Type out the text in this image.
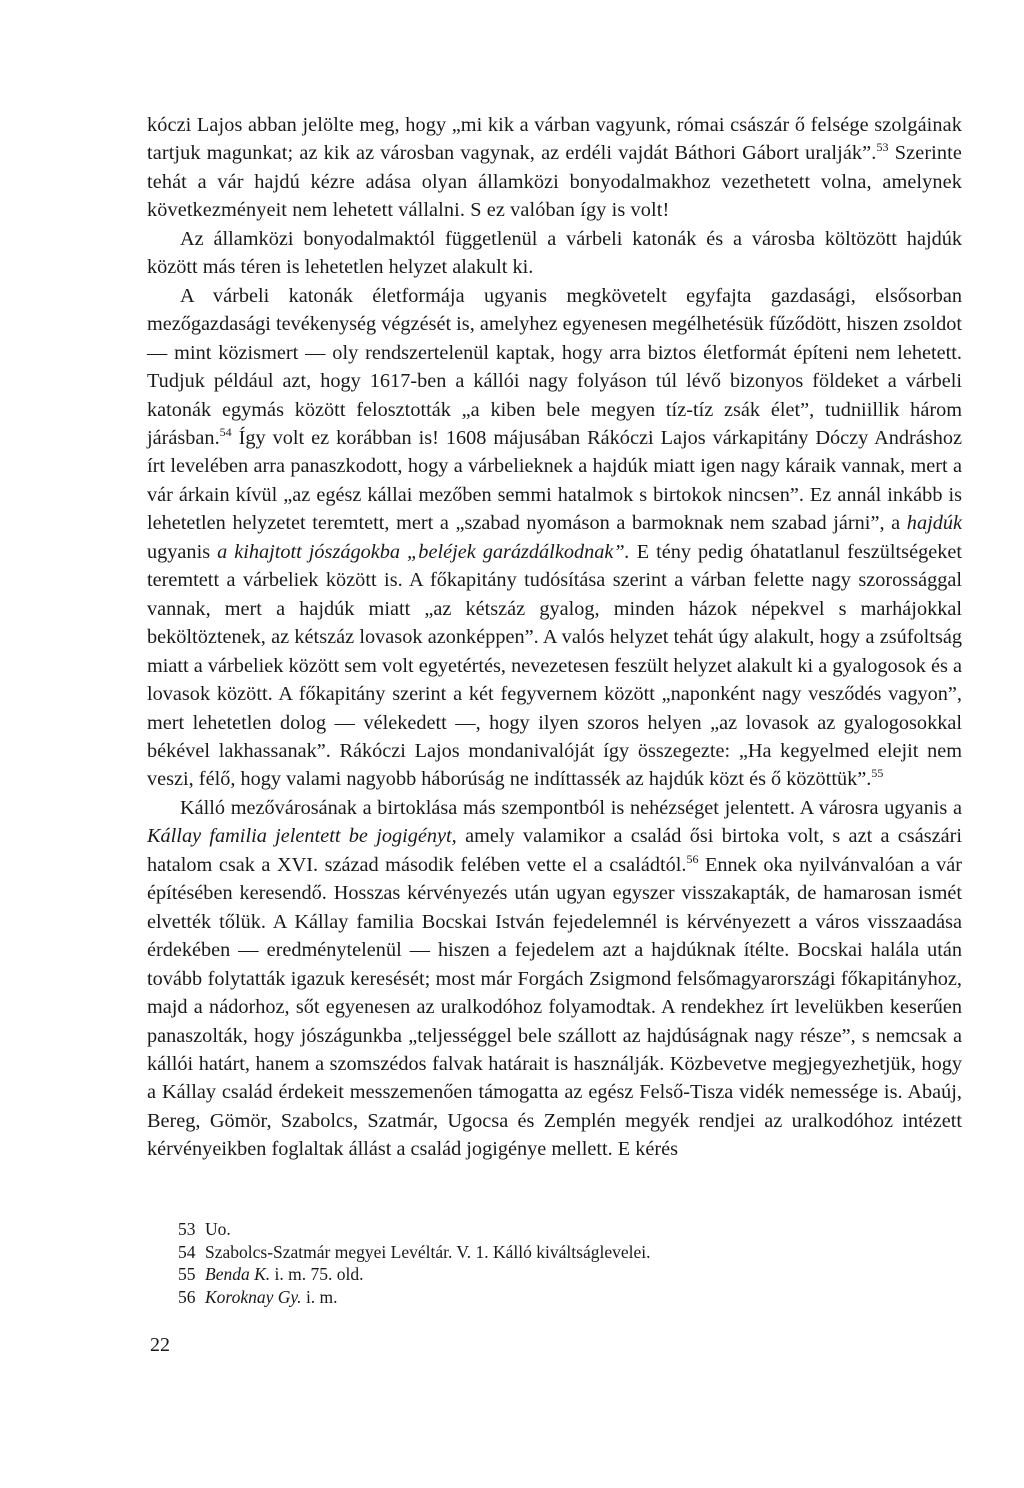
kóczi Lajos abban jelölte meg, hogy „mi kik a várban vagyunk, római császár ő felsége szolgáinak tartjuk magunkat; az kik az városban vagynak, az erdéli vajdát Báthori Gábort uralják”.$^{53}$ Szerinte tehát a vár hajdú kézre adása olyan államközi bonyodalmakhoz vezethetett volna, amelynek következményeit nem lehetett vállalni. S ez valóban így is volt!

Az államközi bonyodalmaktól függetlenül a várbeli katonák és a városba költözött hajdúk között más téren is lehetetlen helyzet alakult ki.

A várbeli katonák életformája ugyanis megkövetelt egyfajta gazdasági, elsősorban mezőgazdasági tevékenység végzését is, amelyhez egyenesen megélhetésük fűződött, hiszen zsoldot — mint közismert — oly rendszertelenül kaptak, hogy arra biztos életformát építeni nem lehetett. Tudjuk például azt, hogy 1617-ben a kállói nagy folyáson túl lévő bizonyos földeket a várbeli katonák egymás között felosztották „a kiben bele megyen tíz-tíz zsák élet”, tudniillik három járásban.$^{54}$ Így volt ez korábban is! 1608 májusában Rákóczi Lajos várkapitány Dóczy Andráshoz írt levelében arra panaszkodott, hogy a várbelieknek a hajdúk miatt igen nagy káraik vannak, mert a vár árkain kívül „az egész kállai mezőben semmi hatalmok s birtokok nincsen”. Ez annál inkább is lehetetlen helyzetet teremtett, mert a „szabad nyomáson a barmoknak nem szabad járni”, a hajdúk ugyanis a kihajtott jószágokba „beléjek garázdálkodnak”. E tény pedig óhatatlanul feszültségeket teremtett a várbeliek között is. A főkapitány tudósítása szerint a várban felette nagy szorossággal vannak, mert a hajdúk miatt „az kétszáz gyalog, minden házok népekvel s marhájokkal beköltöztenek, az kétszáz lovasok azonképpen”. A valós helyzet tehát úgy alakult, hogy a zsúfoltság miatt a várbeliek között sem volt egyetértés, nevezetesen feszült helyzet alakult ki a gyalogosok és a lovasok között. A főkapitány szerint a két fegyvernem között „naponként nagy vesződés vagyon”, mert lehetetlen dolog — vélekedett —, hogy ilyen szoros helyen „az lovasok az gyalogosokkal békével lakhassanak”. Rákóczi Lajos mondanivalóját így összegezte: „Ha kegyelmed elejit nem veszi, félő, hogy valami nagyobb háborúság ne indíttassék az hajdúk közt és ő közöttük”.$^{55}$

Kálló mezővárosának a birtoklása más szempontból is nehézséget jelentett. A városra ugyanis a Kállay familia jelentett be jogigényt, amely valamikor a család ősi birtoka volt, s azt a császári hatalom csak a XVI. század második felében vette el a családtól.$^{56}$ Ennek oka nyilvánvalóan a vár építésében keresendő. Hosszas kérvényezés után ugyan egyszer visszakapták, de hamarosan ismét elvették tőlük. A Kállay familia Bocskai István fejedelemnél is kérvényezett a város visszaadása érdekében — eredménytelenül — hiszen a fejedelem azt a hajdúknak ítélte. Bocskai halála után tovább folytatták igazuk keresését; most már Forgách Zsigmond felsőmagyarországi főkapitányhoz, majd a nádorhoz, sőt egyenesen az uralkodóhoz folyamodtak. A rendekhez írt levelükben keserűen panaszolták, hogy jószágunkba „teljességgel bele szállott az hajdúságnak nagy része”, s nemcsak a kállói határt, hanem a szomszédos falvak határait is használják. Közbevetve megjegyezhetjük, hogy a Kállay család érdekeit messzemenően támogatta az egész Felső-Tisza vidék nemessége is. Abaúj, Bereg, Gömör, Szabolcs, Szatmár, Ugocsa és Zemplén megyék rendjei az uralkodóhoz intézett kérvényeikben foglaltak állást a család jogigénye mellett. E kérés

53 Uo.
54 Szabolcs-Szatmár megyei Levéltár. V. 1. Kálló kiváltságlevelei.
55 Benda K. i. m. 75. old.
56 Koroknay Gy. i. m.
22
